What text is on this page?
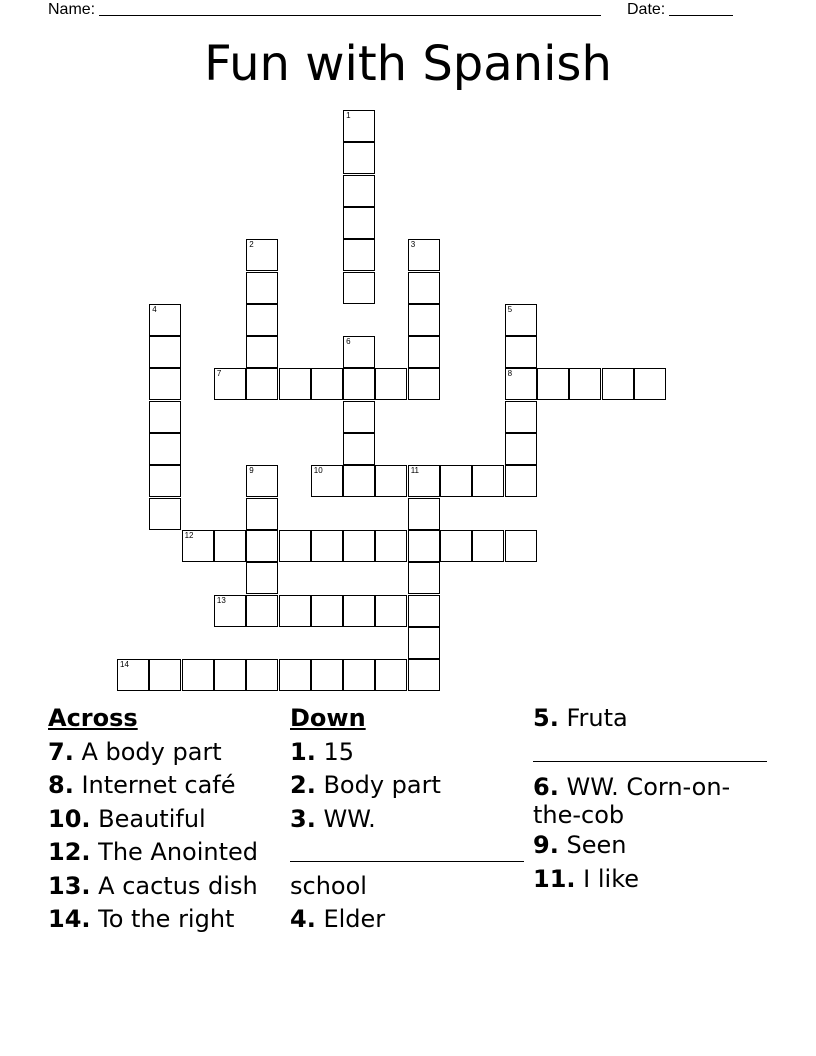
Name:	Date:
Fun with Spanish
1
2	3
4	5
8
6
7
9	10	11
12
13
14
Across
7. A body part
8. Internet café
10. Beautiful
12. The Anointed
13. A cactus dish
14. To the right
Down
1. 15
2. Body part
3. WW.

school
4. Elder
5. Fruta

6. WW. Corn-on-the-cob
9. Seen
11. I like
